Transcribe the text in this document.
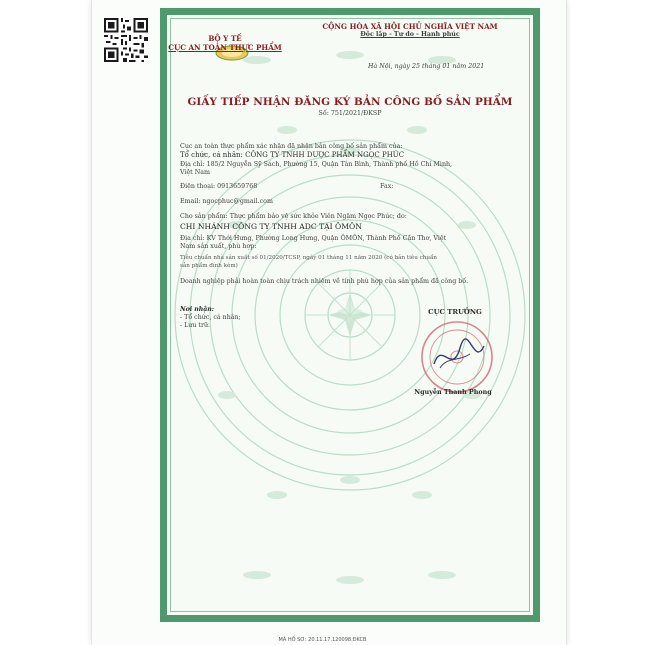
BỘ Y TẾ
CỤC AN TOÀN THỰC PHẨM
CỘNG HÒA XÃ HỘI CHỦ NGHĨA VIỆT NAM
Độc lập - Tự do - Hạnh phúc
Hà Nội, ngày 25 tháng 01 năm 2021
GIẤY TIẾP NHẬN ĐĂNG KÝ BẢN CÔNG BỐ SẢN PHẨM
Số: 751/2021/ĐKSP
Cục an toàn thực phẩm xác nhận đã nhận bản công bố sản phẩm của:
Tổ chức, cá nhân: CÔNG TY TNHH DƯỢC PHẨM NGỌC PHÚC
Địa chỉ: 185/2 Nguyễn Sỹ Sách, Phường 15, Quận Tân Bình, Thành phố Hồ Chí Minh,
Việt Nam
Điện thoại: 0913659768	Fax:
Email: ngocphuc@gmail.com
Cho sản phẩm: Thực phẩm bảo vệ sức khỏe Viên Ngậm Ngọc Phúc; do:
CHI NHÁNH CÔNG TY TNHH ADC TẠI ÔMÔN
Địa chỉ: KV Thới Hưng, Phường Long Hưng, Quận ÔMÔN, Thành Phố Cần Thơ, Việt
Nam sản xuất, phù hợp:
Tiêu chuẩn nhà sản xuất số 01/2020/TCSP, ngày 01 tháng 11 năm 2020 (có bản tiêu chuẩn
sản phẩm đính kèm)
Doanh nghiệp phải hoàn toàn chịu trách nhiệm về tính phù hợp của sản phẩm đã công bố.
Nơi nhận:
- Tổ chức, cá nhân;
- Lưu trữ.
CỤC TRƯỞNG
Nguyễn Thanh Phong
MÃ HỒ SƠ: 20.11.17.120098.ĐKCB
